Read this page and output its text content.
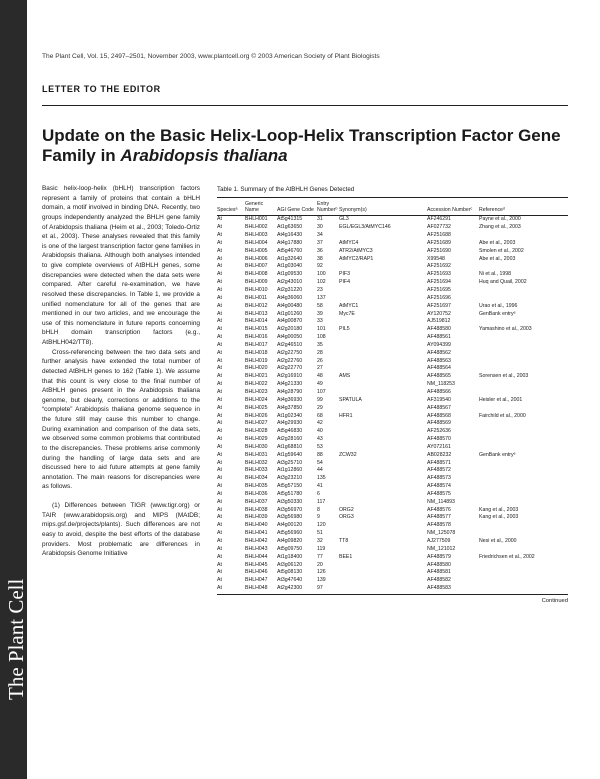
The Plant Cell
The Plant Cell, Vol. 15, 2497–2501, November 2003, www.plantcell.org © 2003 American Society of Plant Biologists
LETTER TO THE EDITOR
Update on the Basic Helix-Loop-Helix Transcription Factor Gene Family in Arabidopsis thaliana

Basic helix-loop-helix (bHLH) transcription factors represent a family of proteins that contain a bHLH domain, a motif involved in binding DNA. Recently, two groups independently analyzed the BHLH gene family of Arabidopsis thaliana (Heim et al., 2003; Toledo-Ortiz et al., 2003). These analyses revealed that this family is one of the largest transcription factor gene families in Arabidopsis thaliana. Although both analyses intended to give complete overviews of AtBHLH genes, some discrepancies were detected when the data sets were compared. After careful re-examination, we have resolved these discrepancies. In Table 1, we provide a unified nomenclature for all of the genes that are mentioned in our two articles, and we encourage the use of this nomenclature in future reports concerning bHLH domain transcription factors (e.g., AtBHLH042/TT8).

Cross-referencing between the two data sets and further analysis have extended the total number of detected AtBHLH genes to 162 (Table 1). We assume that this count is very close to the final number of AtBHLH genes present in the Arabidopsis thaliana genome, but clearly, corrections or additions to the “complete” Arabidopsis thaliana genome sequence in the future still may cause this number to change. During examination and comparison of the data sets, we observed some common problems that contributed to the discrepancies. These problems arise commonly during the handling of large data sets and are discussed here to aid future attempts at gene family annotation. The main reasons for discrepancies were as follows.

(1) Differences between TIGR (www.tigr.org) or TAIR (www.arabidopsis.org) and MIPS (MAtDB; mips.gsf.de/projects/plants). Such differences are not easy to avoid, despite the best efforts of the database providers. Most problematic are differences in Arabidopsis Genome Initiative

Table 1. Summary of the AtBHLH Genes Detected
Speciesᵃ	Generic Name	AGI Gene Code	Entry Numberᵇ	Synonym(s)	Accession Numberᶜ	Referenceᵈ
At	BHLH001	At5g41315	31	GL3	AF246291	Payne et al., 2000
At	BHLH002	At1g63650	30	EGL/EGL3/AtMYC146	AF027732	Zhang et al., 2003
At	BHLH003	At4g16430	34		AF251688	
At	BHLH004	At4g17880	37	AtMYC4	AF251689	Abe et al., 2003
At	BHLH005	At5g46760	36	ATR2/AtMYC3	AF251690	Smolen et al., 2002
At	BHLH006	At1g32640	38	AtMYC2/RAP1	X99548	Abe et al., 2003
At	BHLH007	At1g03040	92		AF251692	
At	BHLH008	At1g09530	100	PIF3	AF251693	Ni et al., 1998
At	BHLH009	At2g43010	102	PIF4	AF251694	Huq and Quail, 2002
At	BHLH010	At2g31220	23		AF251695	
At	BHLH011	At4g36060	137		AF251696	
At	BHLH012	At4g00480	58	AtMYC1	AF251697	Urao et al., 1996
At	BHLH013	At1g01260	39	Myc7E	AY120752	GenBank entryᵉ
At	BHLH014	At4g00870	33		AJ519812	
At	BHLH015	At2g20180	101	PIL5	AF488580	Yamashino et al., 2003
At	BHLH016	At4g00050	108		AF488561	
At	BHLH017	At2g46510	35		AY094399	
At	BHLH018	At2g22750	28		AF488562	
At	BHLH019	At2g22760	26		AF488563	
At	BHLH020	At2g22770	27		AF488564	
At	BHLH021	At2g16910	48	AMS	AF488565	Sorensen et al., 2003
At	BHLH022	At4g21330	49		NM_118253	
At	BHLH023	At4g28790	107		AF488566	
At	BHLH024	At4g36930	99	SPATULA	AF319540	Heisler et al., 2001
At	BHLH025	At4g37850	29		AF488567	
At	BHLH026	At1g02340	68	HFR1	AF488568	Fairchild et al., 2000
At	BHLH027	At4g29930	42		AF488569	
At	BHLH028	At5g46830	40		AF252636	
At	BHLH029	At2g28160	43		AF488570	
At	BHLH030	At1g68810	53		AY072161	
At	BHLH031	At1g59640	88	ZCW32	AB028232	GenBank entryᵉ
At	BHLH032	At3g25710	54		AF488571	
At	BHLH033	At1g12860	44		AF488572	
At	BHLH034	At3g23210	135		AF488573	
At	BHLH035	At5g57150	41		AF488574	
At	BHLH036	At5g51780	6		AF488575	
At	BHLH037	At3g50330	117		NM_114893	
At	BHLH038	At3g56970	8	ORG2	AF488576	Kang et al., 2003
At	BHLH039	At3g56980	9	ORG3	AF488577	Kang et al., 2003
At	BHLH040	At4g00120	120		AF488578	
At	BHLH041	At5g56960	51		NM_125078	
At	BHLH042	At4g09820	32	TT8	AJ277509	Nesi et al., 2000
At	BHLH043	At5g09750	119		NM_121012	
At	BHLH044	At1g18400	77	BEE1	AF488579	Friedrichsen et al., 2002
At	BHLH045	At3g06120	20		AF488580	
At	BHLH046	At5g08130	126		AF488581	
At	BHLH047	At3g47640	139		AF488582	
At	BHLH048	At2g42300	97		AF488583	
Continued
